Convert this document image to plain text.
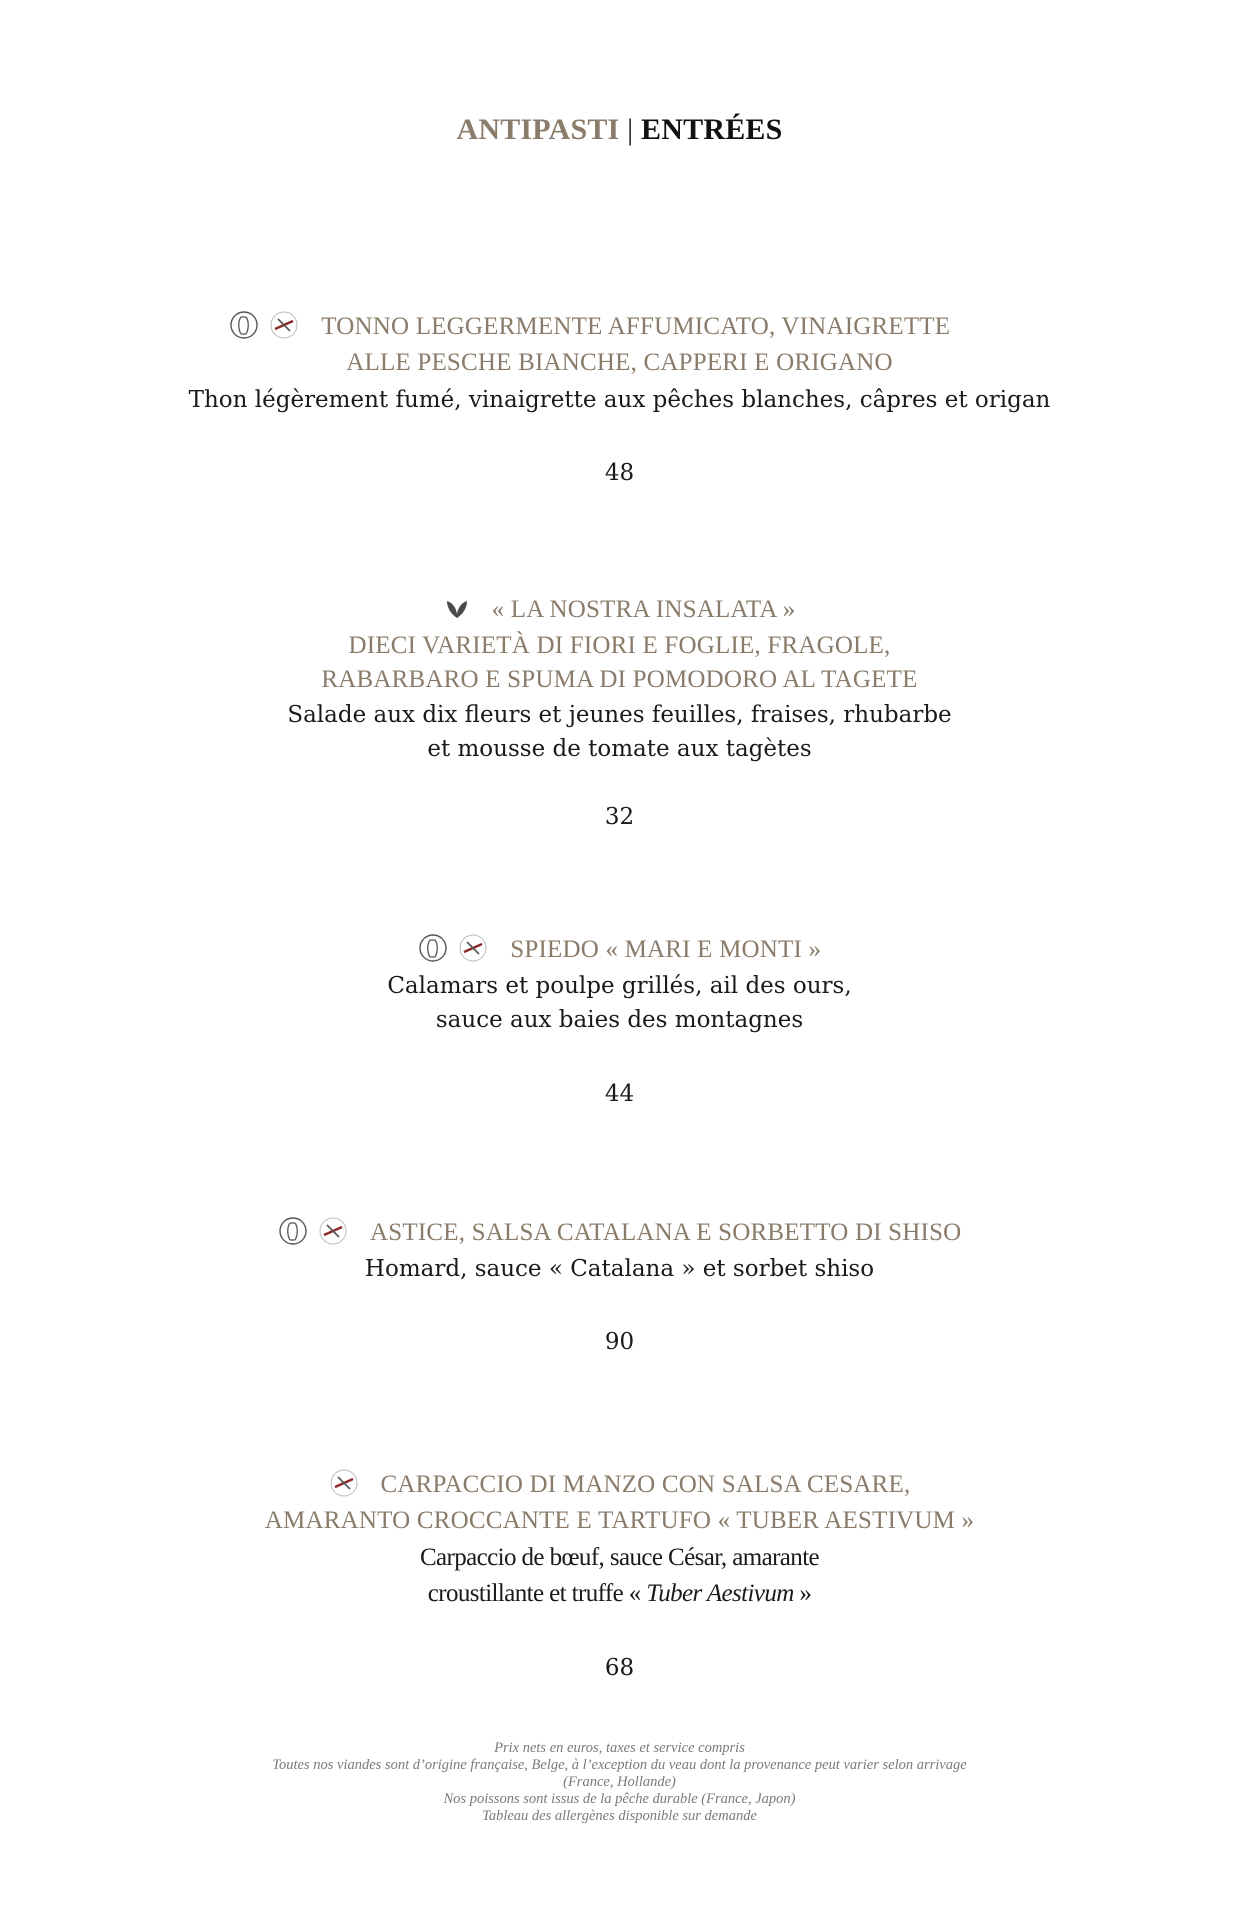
ANTIPASTI | ENTRÉES
TONNO LEGGERMENTE AFFUMICATO, VINAIGRETTE
ALLE PESCHE BIANCHE, CAPPERI E ORIGANO
Thon légèrement fumé, vinaigrette aux pêches blanches, câpres et origan
48
« LA NOSTRA INSALATA »
DIECI VARIETÀ DI FIORI E FOGLIE, FRAGOLE,
RABARBARO E SPUMA DI POMODORO AL TAGETE
Salade aux dix fleurs et jeunes feuilles, fraises, rhubarbe
et mousse de tomate aux tagètes
32
SPIEDO « MARI E MONTI »
Calamars et poulpe grillés, ail des ours,
sauce aux baies des montagnes
44
ASTICE, SALSA CATALANA E SORBETTO DI SHISO
Homard, sauce « Catalana » et sorbet shiso
90
CARPACCIO DI MANZO CON SALSA CESARE,
AMARANTO CROCCANTE E TARTUFO « TUBER AESTIVUM »
Carpaccio de bœuf, sauce César, amarante
croustillante et truffe « Tuber Aestivum »
68
Prix nets en euros, taxes et service compris
Toutes nos viandes sont d’origine française, Belge, à l’exception du veau dont la provenance peut varier selon arrivage
(France, Hollande)
Nos poissons sont issus de la pêche durable (France, Japon)
Tableau des allergènes disponible sur demande
